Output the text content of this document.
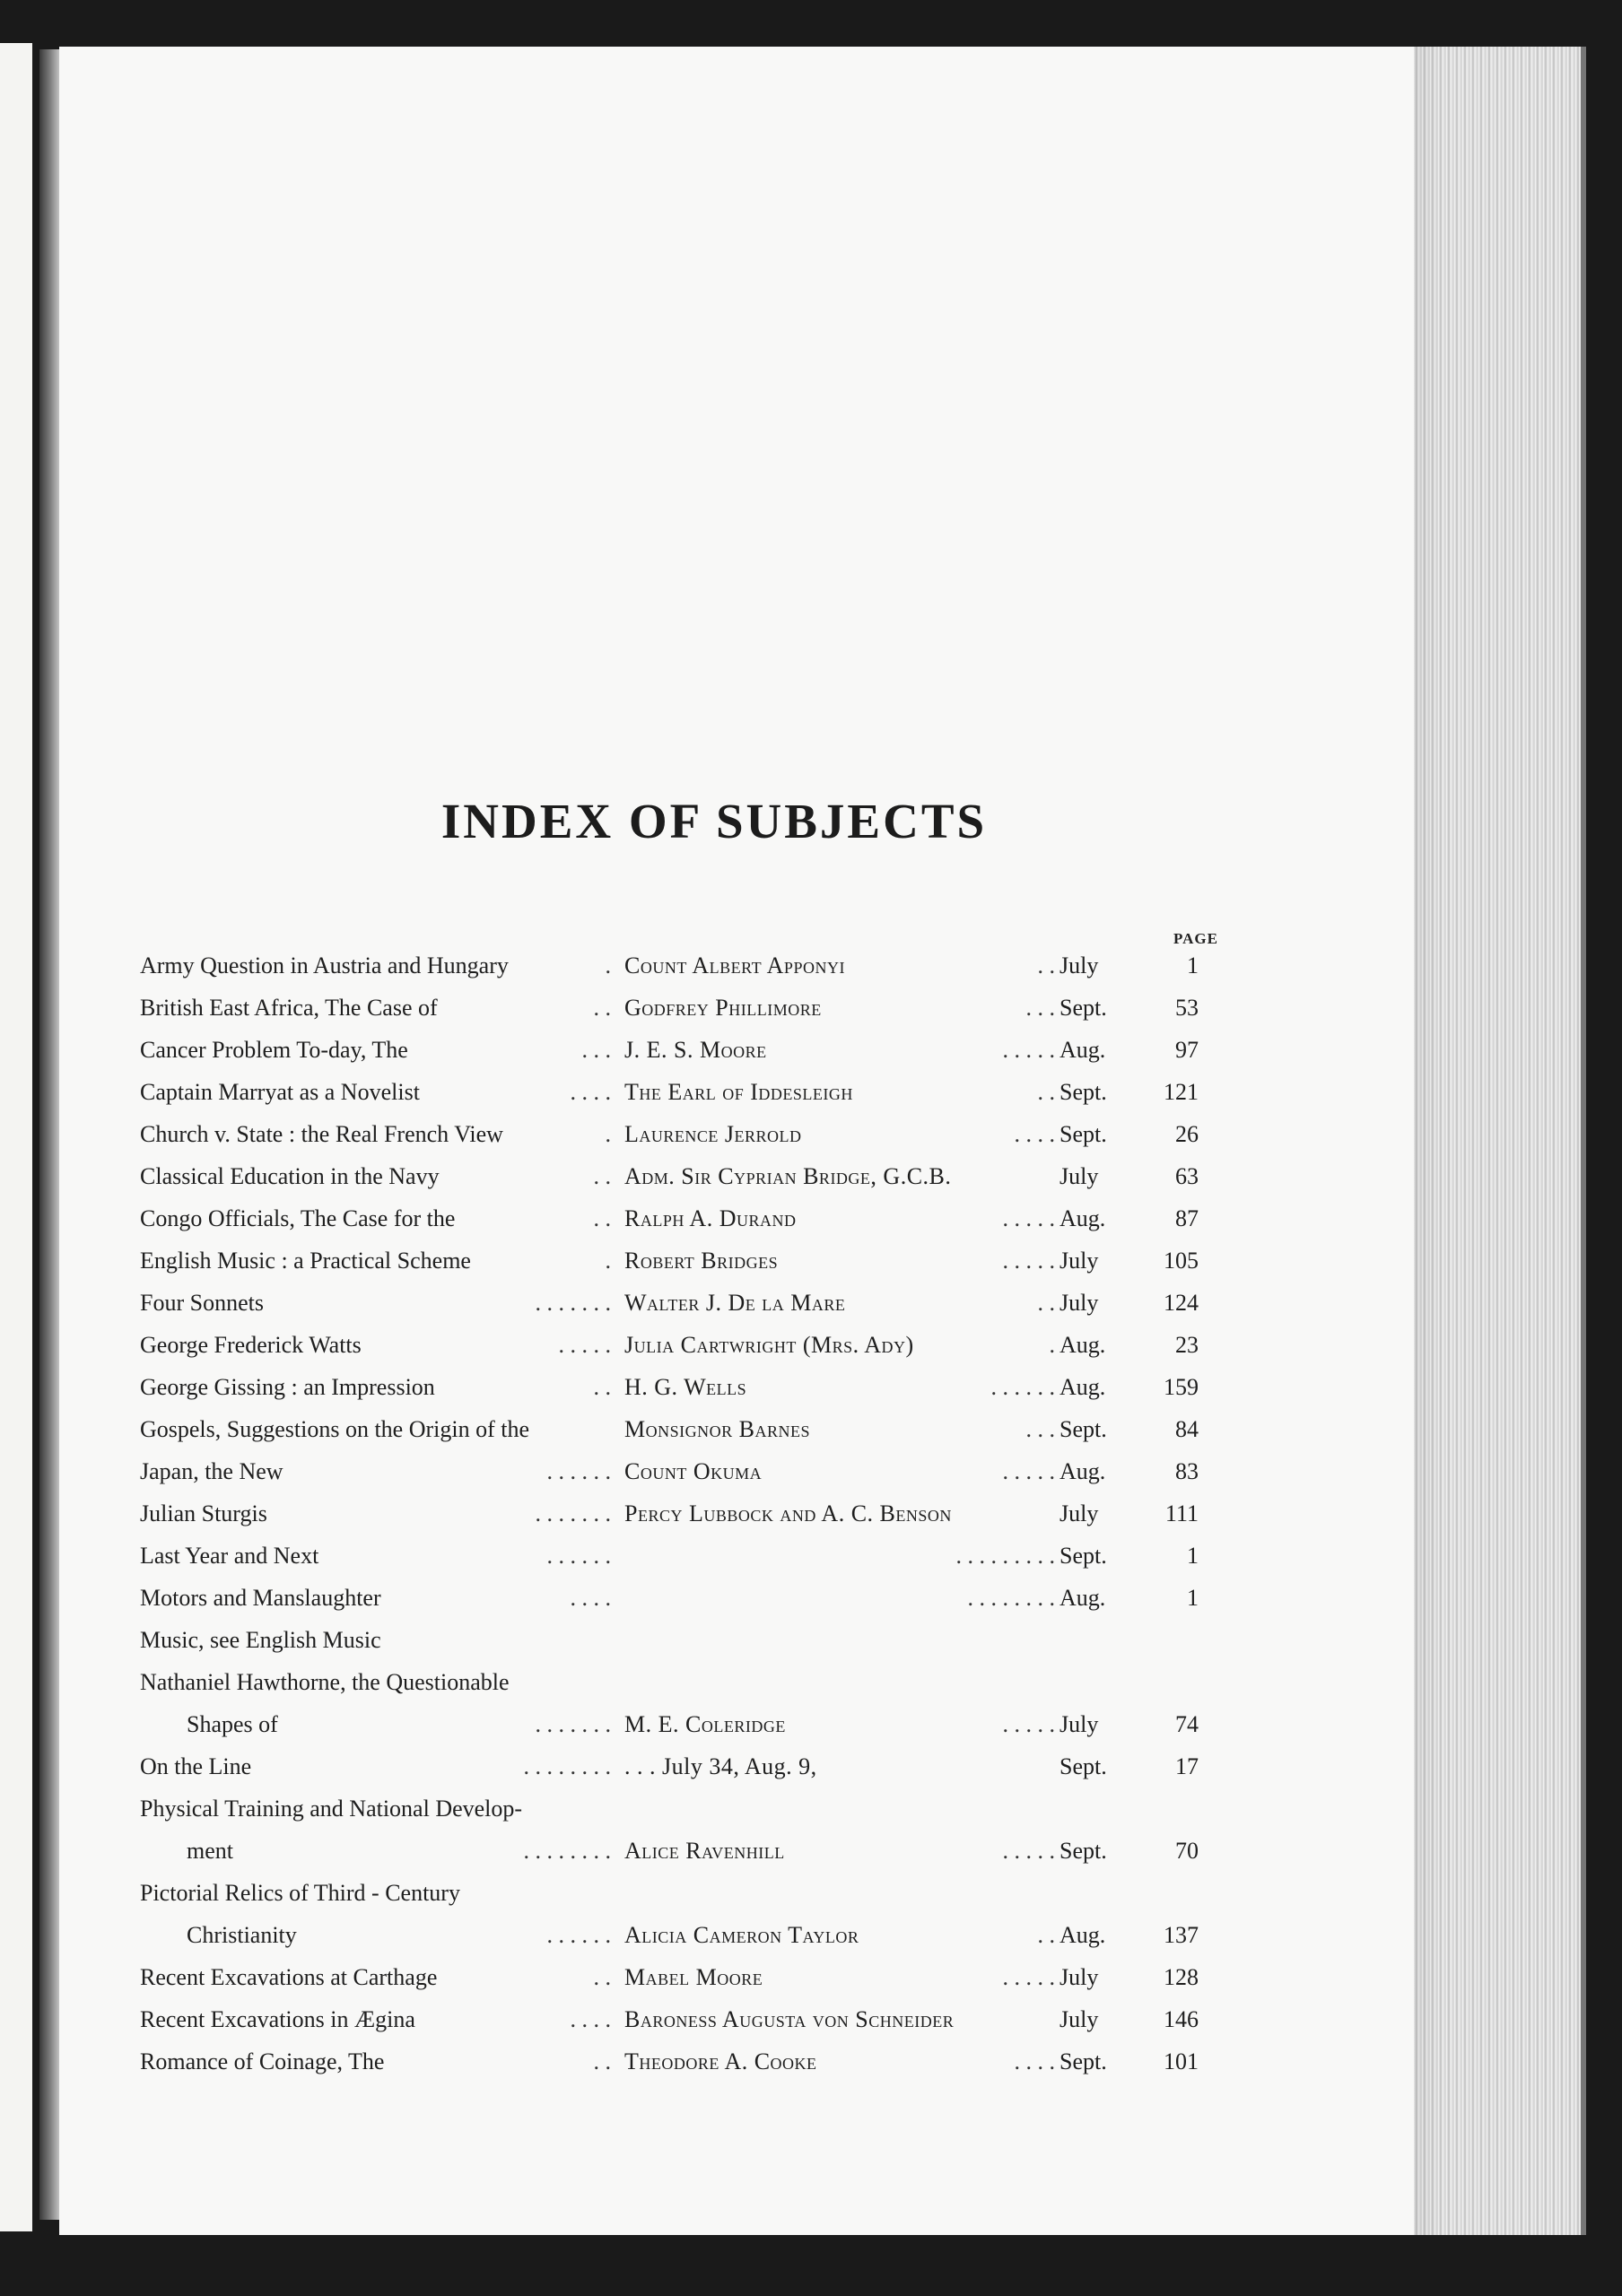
INDEX OF SUBJECTS
PAGE
Army Question in Austria and Hungary	. Count Albert Apponyi	. . July	1
British East Africa, The Case of	. . Godfrey Phillimore	. . . Sept.	53
Cancer Problem To-day, The	. . . J. E. S. Moore	. . . . . Aug.	97
Captain Marryat as a Novelist	. . . . The Earl of Iddesleigh	. . Sept.	121
Church v. State : the Real French View	. Laurence Jerrold	. . . . Sept.	26
Classical Education in the Navy	. . Adm. Sir Cyprian Bridge, G.C.B.	July	63
Congo Officials, The Case for the	. . Ralph A. Durand	. . . . . Aug.	87
English Music : a Practical Scheme	. Robert Bridges	. . . . . July	105
Four Sonnets	. . . . . . . Walter J. De la Mare	. . July	124
George Frederick Watts	. . . . . Julia Cartwright (Mrs. Ady)	. Aug.	23
George Gissing : an Impression	. . H. G. Wells	. . . . . . Aug.	159
Gospels, Suggestions on the Origin of the	Monsignor Barnes	. . . Sept.	84
Japan, the New	. . . . . . Count Okuma	. . . . . Aug.	83
Julian Sturgis	. . . . . . . Percy Lubbock and A. C. Benson	July	111
Last Year and Next	. . . . . .	. . . . . . . . . Sept.	1
Motors and Manslaughter	. . . .	. . . . . . . . Aug.	1
Music, see English Music
Nathaniel Hawthorne, the Questionable
Shapes of	. . . . . . . M. E. Coleridge	. . . . . July	74
On the Line	. . . . . . . . . . . July 34, Aug. 9,	Sept.	17
Physical Training and National Develop-
ment	. . . . . . . . Alice Ravenhill	. . . . . Sept.	70
Pictorial Relics of Third - Century
Christianity	. . . . . . Alicia Cameron Taylor	. . Aug.	137
Recent Excavations at Carthage	. . Mabel Moore	. . . . . July	128
Recent Excavations in Ægina	. . . . Baroness Augusta von Schneider	July	146
Romance of Coinage, The	. . Theodore A. Cooke	. . . . Sept.	101
